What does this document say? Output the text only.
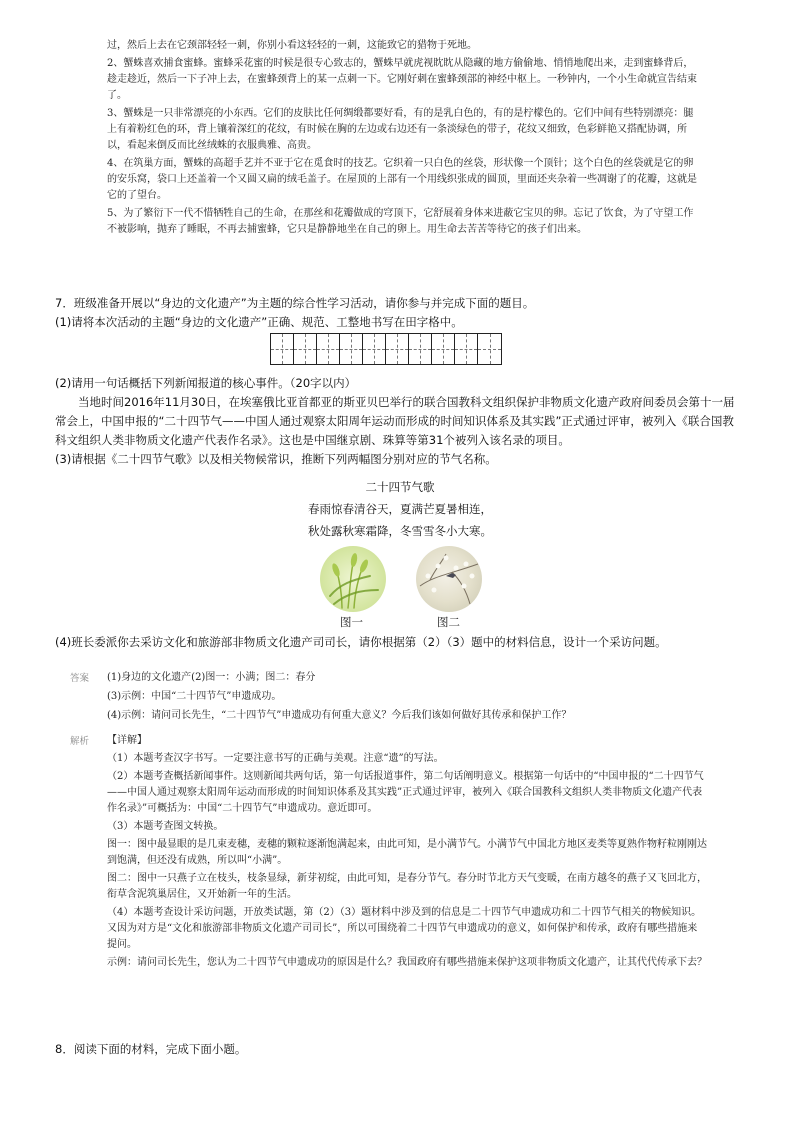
过，然后上去在它颈部轻轻一刺，你别小看这轻轻的一刺，这能致它的猎物于死地。

2、蟹蛛喜欢捕食蜜蜂。蜜蜂采花蜜的时候是很专心致志的，蟹蛛早就虎视眈眈从隐藏的地方偷偷地、悄悄地爬出来，走到蜜蜂背后，趁走趁近，然后一下子冲上去，在蜜蜂颈背上的某一点刺一下。它刚好刺在蜜蜂颈部的神经中枢上。一秒钟内，一个小生命就宣告结束了。

3、蟹蛛是一只非常漂亮的小东西。它们的皮肤比任何绸缎都要好看，有的是乳白色的，有的是柠檬色的。它们中间有些特别漂亮：腿上有着粉红色的环，背上镶着深红的花纹，有时候在胸的左边或右边还有一条淡绿色的带子，花纹又细致，色彩鲜艳又搭配协调，所以，看起来倒反而比丝绒蛛的衣服典雅、高贵。

4、在筑巢方面，蟹蛛的高超手艺并不亚于它在觅食时的技艺。它织着一只白色的丝袋，形状像一个顶针；这个白色的丝袋就是它的卵的安乐窝，袋口上还盖着一个又圆又扁的绒毛盖子。在屋顶的上部有一个用线织张成的圆顶，里面还夹杂着一些凋谢了的花瓣，这就是它的了望台。

5、为了繁衍下一代不惜牺牲自己的生命，在那丝和花瓣做成的穹顶下，它舒展着身体来进蔽它宝贝的卵。忘记了饮食，为了守望工作不被影响，抛弃了睡眠，不再去捕蜜蜂，它只是静静地坐在自己的卵上。用生命去苦苦等待它的孩子们出来。

7．班级准备开展以“身边的文化遗产”为主题的综合性学习活动，请你参与并完成下面的题目。

(1)请将本次活动的主题“身边的文化遗产”正确、规范、工整地书写在田字格中。

(2)请用一句话概括下列新闻报道的核心事件。（20字以内）

当地时间2016年11月30日，在埃塞俄比亚首都亚的斯亚贝巴举行的联合国教科文组织保护非物质文化遗产政府间委员会第十一届常会上，中国申报的“二十四节气——中国人通过观察太阳周年运动而形成的时间知识体系及其实践”正式通过评审，被列入《联合国教科文组织人类非物质文化遗产代表作名录》。这也是中国继京剧、珠算等第31个被列入该名录的项目。

(3)请根据《二十四节气歌》以及相关物候常识，推断下列两幅图分别对应的节气名称。

二十四节气歌

春雨惊春清谷天，夏满芒夏暑相连，

秋处露秋寒霜降，冬雪雪冬小大寒。

图一	图二
(4)班长委派你去采访文化和旅游部非物质文化遗产司司长，请你根据第（2）（3）题中的材料信息，设计一个采访问题。
答案 (1)身边的文化遗产(2)图一：小满；图二：春分

(3)示例：中国“二十四节气”申遗成功。

(4)示例：请问司长先生，“二十四节气”申遗成功有何重大意义？今后我们该如何做好其传承和保护工作？

解析 【详解】

（1）本题考查汉字书写。一定要注意书写的正确与美观。注意“遗”的写法。

（2）本题考查概括新闻事件。这则新闻共两句话，第一句话报道事件，第二句话阐明意义。根据第一句话中的“中国申报的“二十四节气——中国人通过观察太阳周年运动而形成的时间知识体系及其实践”正式通过评审，被列入《联合国教科文组织人类非物质文化遗产代表作名录》”可概括为：中国“二十四节气”申遗成功。意近即可。

（3）本题考查图文转换。

图一：图中最显眼的是几束麦穗，麦穗的颗粒逐渐饱满起来，由此可知，是小满节气。小满节气中国北方地区麦类等夏熟作物籽粒刚刚达到饱满，但还没有成熟，所以叫“小满”。

图二：图中一只燕子立在枝头，枝条显绿，新芽初绽，由此可知，是春分节气。春分时节北方天气变暖，在南方越冬的燕子又飞回北方，衔草含泥筑巢居住，又开始新一年的生活。

（4）本题考查设计采访问题，开放类试题，第（2）（3）题材料中涉及到的信息是二十四节气申遗成功和二十四节气相关的物候知识。又因为对方是“文化和旅游部非物质文化遗产司司长”，所以可围绕着二十四节气申遗成功的意义，如何保护和传承，政府有哪些措施来提问。

示例：请问司长先生，您认为二十四节气申遗成功的原因是什么？我国政府有哪些措施来保护这项非物质文化遗产，让其代代传承下去？

8．阅读下面的材料，完成下面小题。
